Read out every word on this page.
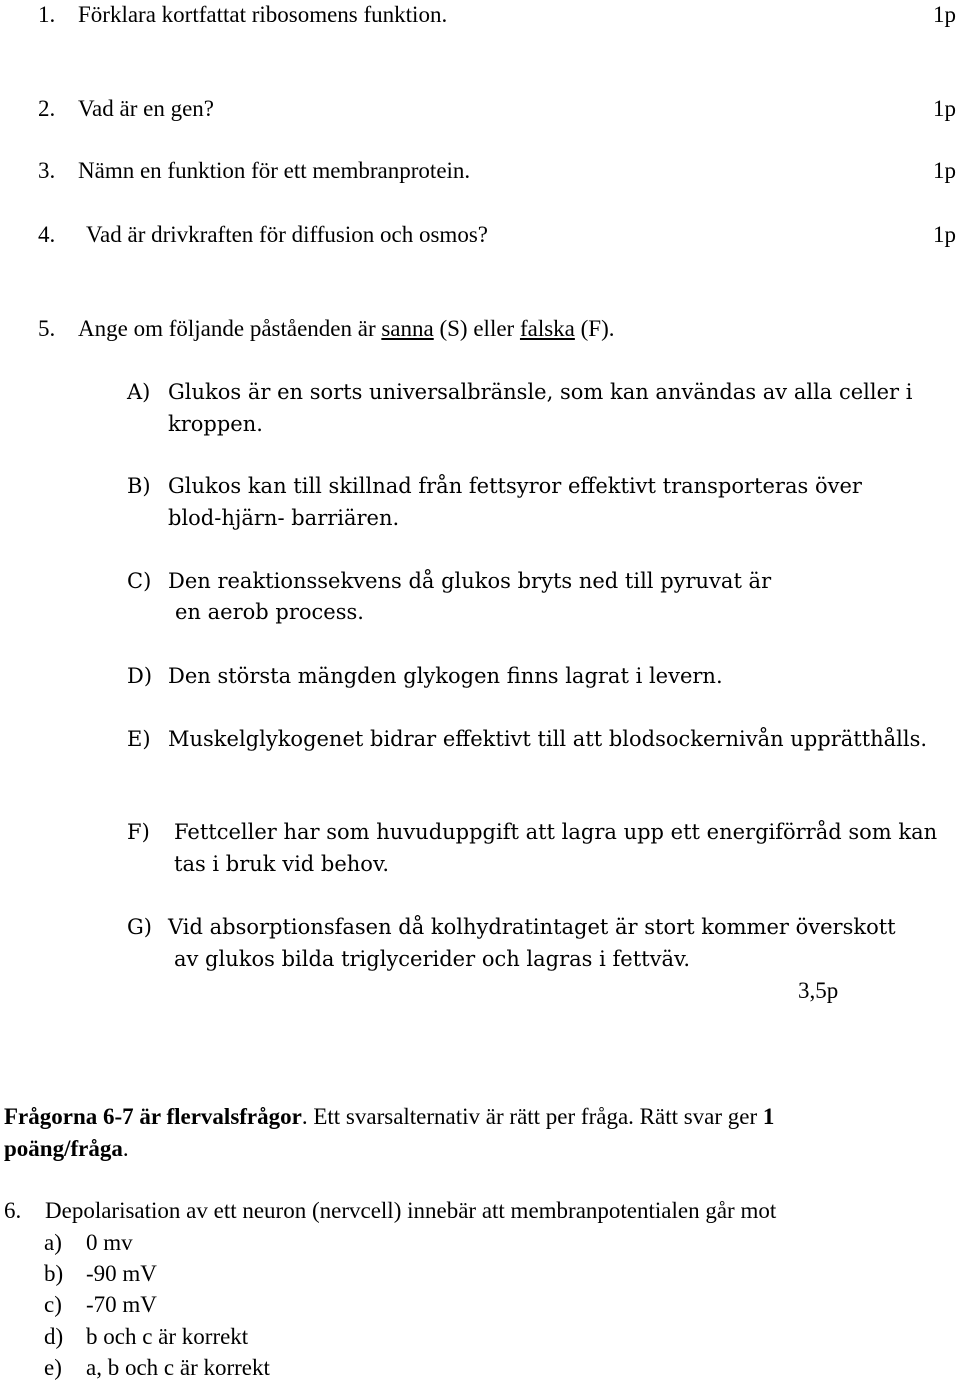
1. Förklara kortfattat ribosomens funktion.	1p
2. Vad är en gen?	1p
3. Nämn en funktion för ett membranprotein.	1p
4. Vad är drivkraften för diffusion och osmos?	1p
5. Ange om följande påståenden är sanna (S) eller falska (F).
A) Glukos är en sorts universalbränsle, som kan användas av alla celler i
kroppen.
B) Glukos kan till skillnad från fettsyror effektivt transporteras över
blod-hjärn- barriären.
C) Den reaktionssekvens då glukos bryts ned till pyruvat är
en aerob process.
D) Den största mängden glykogen finns lagrat i levern.
E) Muskelglykogenet bidrar effektivt till att blodsockernivån upprätthålls.
F) Fettceller har som huvuduppgift att lagra upp ett energiförråd som kan
tas i bruk vid behov.
G) Vid absorptionsfasen då kolhydratintaget är stort kommer överskott
av glukos bilda triglycerider och lagras i fettväv.
3,5p
Frågorna 6-7 är flervalsfrågor. Ett svarsalternativ är rätt per fråga. Rätt svar ger 1
poäng/fråga.
6. Depolarisation av ett neuron (nervcell) innebär att membranpotentialen går mot
a) 0 mv
b) -90 mV
c) -70 mV
d) b och c är korrekt
e) a, b och c är korrekt
